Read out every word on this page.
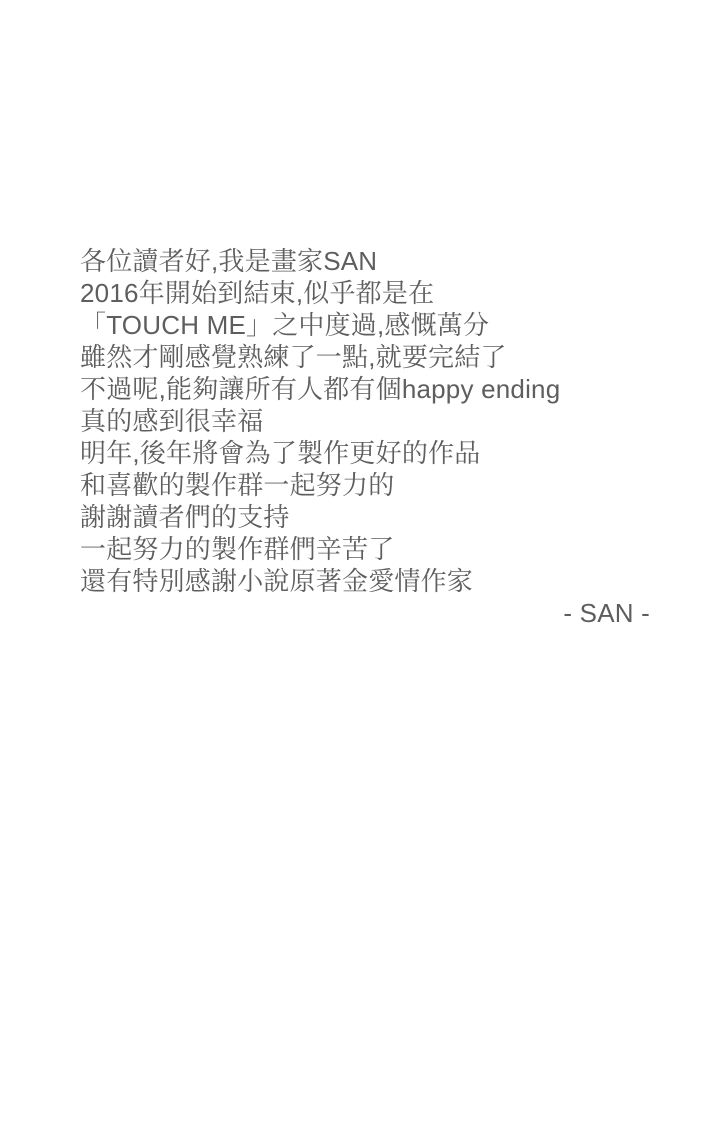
各位讀者好,我是畫家SAN
2016年開始到結束,似乎都是在
「TOUCH ME」之中度過,感慨萬分
雖然才剛感覺熟練了一點,就要完結了
不過呢,能夠讓所有人都有個happy ending
真的感到很幸福

明年,後年將會為了製作更好的作品
和喜歡的製作群一起努力的

謝謝讀者們的支持
一起努力的製作群們辛苦了
還有特別感謝小說原著金愛情作家

- SAN -
